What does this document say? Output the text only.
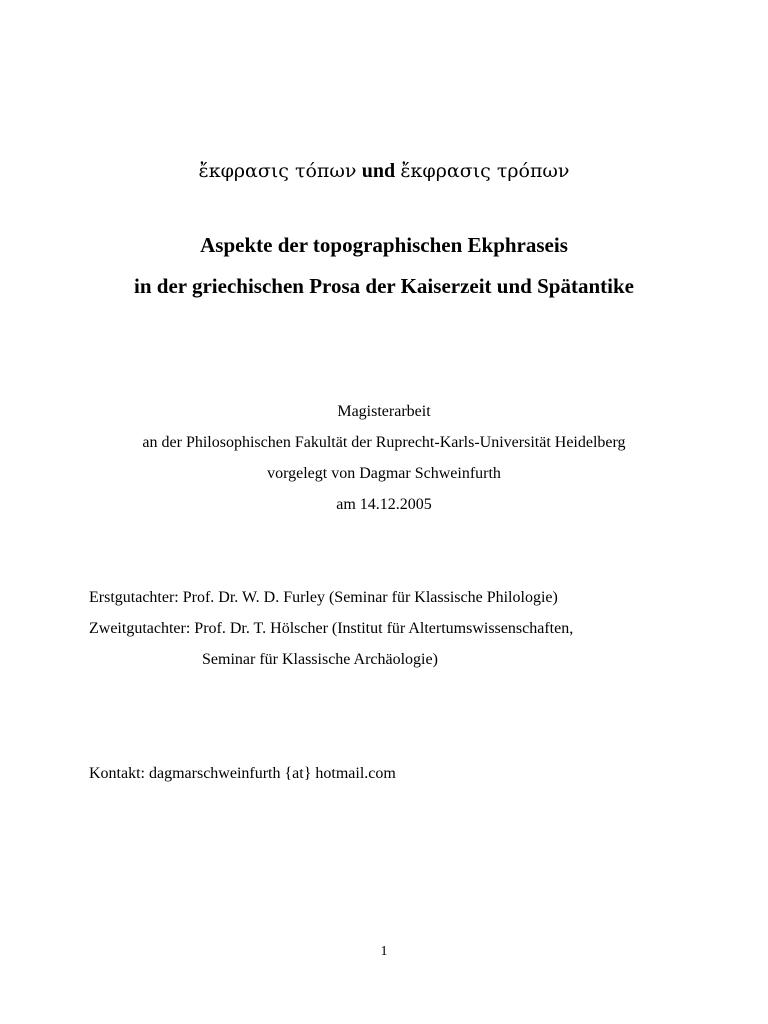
ἔκφρασις τόπων und ἔκφρασις τρόπων
Aspekte der topographischen Ekphraseis
in der griechischen Prosa der Kaiserzeit und Spätantike
Magisterarbeit
an der Philosophischen Fakultät der Ruprecht-Karls-Universität Heidelberg
vorgelegt von Dagmar Schweinfurth
am 14.12.2005
Erstgutachter: Prof. Dr. W. D. Furley (Seminar für Klassische Philologie)
Zweitgutachter: Prof. Dr. T. Hölscher (Institut für Altertumswissenschaften,
Seminar für Klassische Archäologie)
Kontakt: dagmarschweinfurth {at} hotmail.com
1
